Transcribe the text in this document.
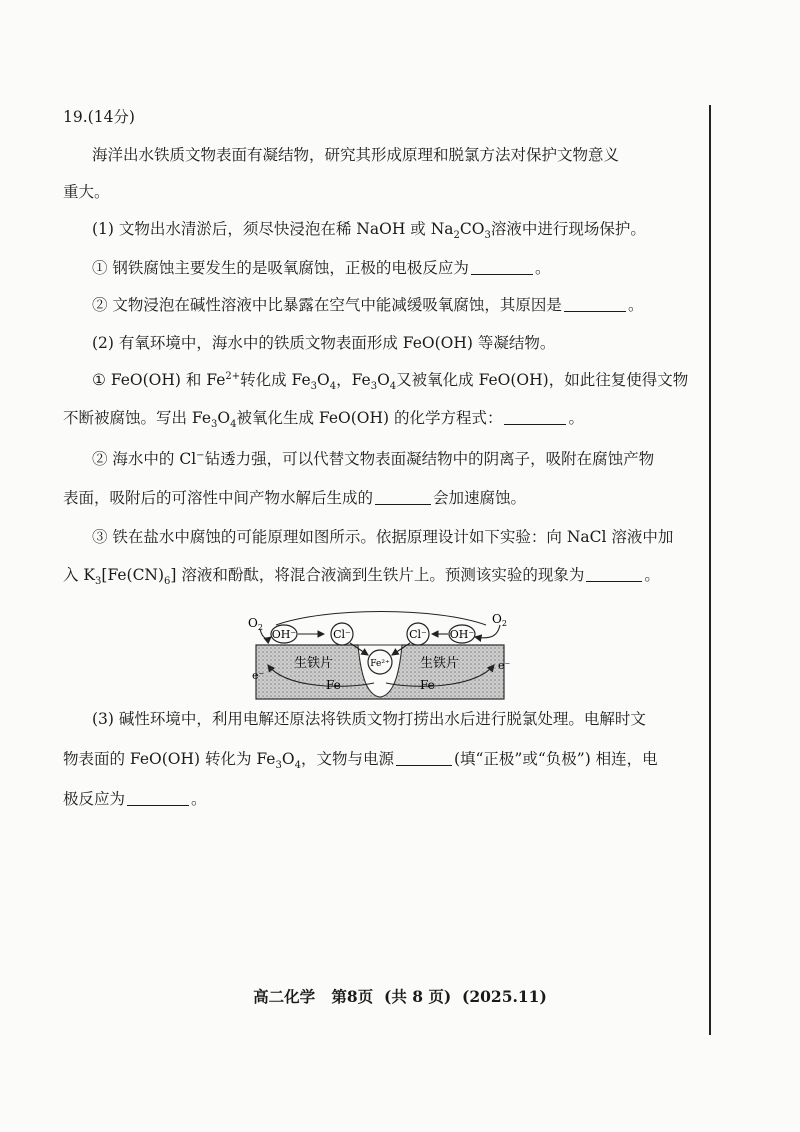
19.(14分)
海洋出水铁质文物表面有凝结物，研究其形成原理和脱氯方法对保护文物意义
重大。
(1) 文物出水清淤后，须尽快浸泡在稀 NaOH 或 $Na_2CO_3$溶液中进行现场保护。
① 钢铁腐蚀主要发生的是吸氧腐蚀，正极的电极反应为	。
② 文物浸泡在碱性溶液中比暴露在空气中能减缓吸氧腐蚀，其原因是	。
(2) 有氧环境中，海水中的铁质文物表面形成 FeO(OH) 等凝结物。
① FeO(OH) 和 $Fe^{2+}$转化成 $Fe_3O_4$，$Fe_3O_4$又被氧化成 FeO(OH)，如此往复使得文物
不断被腐蚀。写出 $Fe_3O_4$被氧化生成 FeO(OH) 的化学方程式：	。
② 海水中的 Cl−钻透力强，可以代替文物表面凝结物中的阴离子，吸附在腐蚀产物
表面，吸附后的可溶性中间产物水解后生成的	会加速腐蚀。
③ 铁在盐水中腐蚀的可能原理如图所示。依据原理设计如下实验：向 NaCl 溶液中加
入 $K_3[Fe(CN)_6]$ 溶液和酚酞，将混合液滴到生铁片上。预测该实验的现象为	。
$O_2$
$O_2$
OH⁻	OH⁻
Cl⁻	Cl⁻
Fe²⁺
生铁片	生铁片
Fe	Fe
e⁻
e⁻
(3) 碱性环境中，利用电解还原法将铁质文物打捞出水后进行脱氯处理。电解时文
物表面的 FeO(OH) 转化为 $Fe_3O_4$，文物与电源	(填“正极”或“负极”) 相连，电
极反应为	。
高二化学 第8页 (共 8 页) (2025.11)
